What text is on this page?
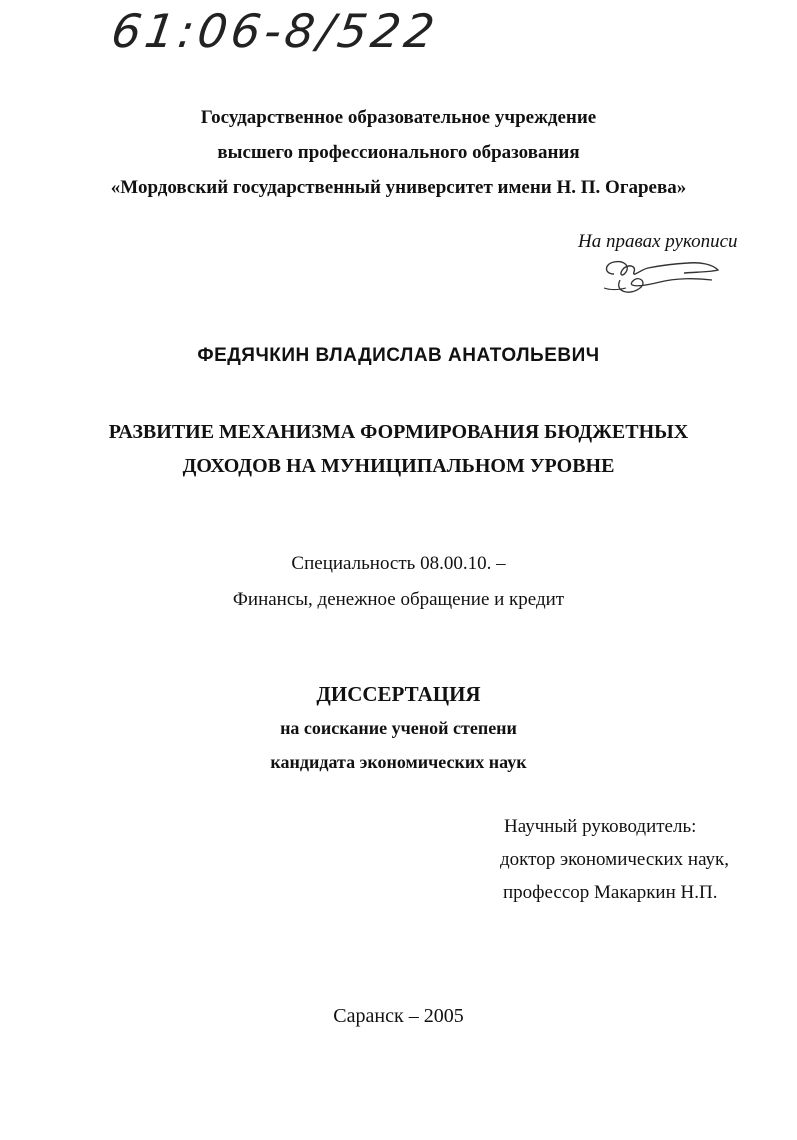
61:06-8/522
Государственное образовательное учреждение
высшего профессионального образования
«Мордовский государственный университет имени Н. П. Огарева»
На правах рукописи
ФЕДЯЧКИН ВЛАДИСЛАВ АНАТОЛЬЕВИЧ
РАЗВИТИЕ МЕХАНИЗМА ФОРМИРОВАНИЯ БЮДЖЕТНЫХ
ДОХОДОВ НА МУНИЦИПАЛЬНОМ УРОВНЕ
Специальность 08.00.10. –
Финансы, денежное обращение и кредит
ДИССЕРТАЦИЯ
на соискание ученой степени
кандидата экономических наук
Научный руководитель:
доктор экономических наук,
профессор Макаркин Н.П.
Саранск – 2005
